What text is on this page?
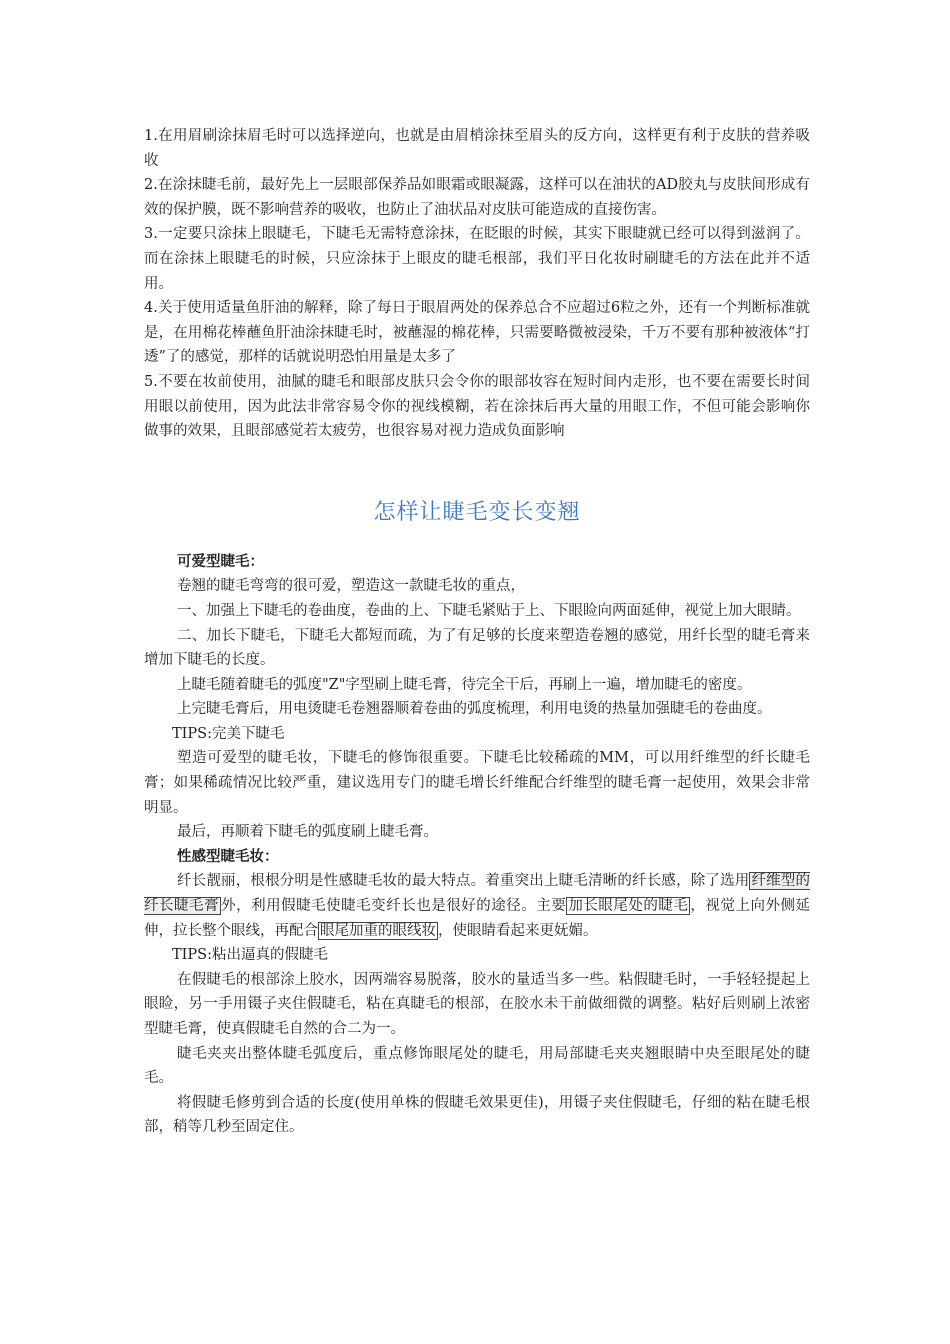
1.在用眉刷涂抹眉毛时可以选择逆向，也就是由眉梢涂抹至眉头的反方向，这样更有利于皮肤的营养吸收

2.在涂抹睫毛前，最好先上一层眼部保养品如眼霜或眼凝露，这样可以在油状的AD胶丸与皮肤间形成有效的保护膜，既不影响营养的吸收，也防止了油状品对皮肤可能造成的直接伤害。

3.一定要只涂抹上眼睫毛，下睫毛无需特意涂抹，在眨眼的时候，其实下眼睫就已经可以得到滋润了。而在涂抹上眼睫毛的时候，只应涂抹于上眼皮的睫毛根部，我们平日化妆时刷睫毛的方法在此并不适用。

4.关于使用适量鱼肝油的解释，除了每日于眼眉两处的保养总合不应超过6粒之外，还有一个判断标准就是，在用棉花棒蘸鱼肝油涂抹睫毛时，被蘸湿的棉花棒，只需要略微被浸染，千万不要有那种被液体“打透”了的感觉，那样的话就说明恐怕用量是太多了

5.不要在妆前使用，油腻的睫毛和眼部皮肤只会令你的眼部妆容在短时间内走形，也不要在需要长时间用眼以前使用，因为此法非常容易令你的视线模糊，若在涂抹后再大量的用眼工作，不但可能会影响你做事的效果，且眼部感觉若太疲劳，也很容易对视力造成负面影响

怎样让睫毛变长变翘

可爱型睫毛：

卷翘的睫毛弯弯的很可爱，塑造这一款睫毛妆的重点，

一、加强上下睫毛的卷曲度，卷曲的上、下睫毛紧贴于上、下眼睑向两面延伸，视觉上加大眼睛。

二、加长下睫毛，下睫毛大都短而疏，为了有足够的长度来塑造卷翘的感觉，用纤长型的睫毛膏来增加下睫毛的长度。

上睫毛随着睫毛的弧度"Z"字型刷上睫毛膏，待完全干后，再刷上一遍，增加睫毛的密度。

上完睫毛膏后，用电烫睫毛卷翘器顺着卷曲的弧度梳理，利用电烫的热量加强睫毛的卷曲度。

TIPS:完美下睫毛

塑造可爱型的睫毛妆，下睫毛的修饰很重要。下睫毛比较稀疏的MM，可以用纤维型的纤长睫毛膏；如果稀疏情况比较严重，建议选用专门的睫毛增长纤维配合纤维型的睫毛膏一起使用，效果会非常明显。

最后，再顺着下睫毛的弧度刷上睫毛膏。

性感型睫毛妆：

纤长靓丽，根根分明是性感睫毛妆的最大特点。着重突出上睫毛清晰的纤长感，除了选用 纤维型的纤长睫毛膏 外，利用假睫毛使睫毛变纤长也是很好的途径。主要 加长眼尾处的睫毛 ，视觉上向外侧延伸，拉长整个眼线，再配合 眼尾加重的眼线妆 ，使眼睛看起来更妩媚。

TIPS:粘出逼真的假睫毛

在假睫毛的根部涂上胶水，因两端容易脱落，胶水的量适当多一些。粘假睫毛时，一手轻轻提起上眼睑，另一手用镊子夹住假睫毛，粘在真睫毛的根部，在胶水未干前做细微的调整。粘好后则刷上浓密型睫毛膏，使真假睫毛自然的合二为一。

睫毛夹夹出整体睫毛弧度后，重点修饰眼尾处的睫毛，用局部睫毛夹夹翘眼睛中央至眼尾处的睫毛。

将假睫毛修剪到合适的长度(使用单株的假睫毛效果更佳)，用镊子夹住假睫毛，仔细的粘在睫毛根部，稍等几秒至固定住。
